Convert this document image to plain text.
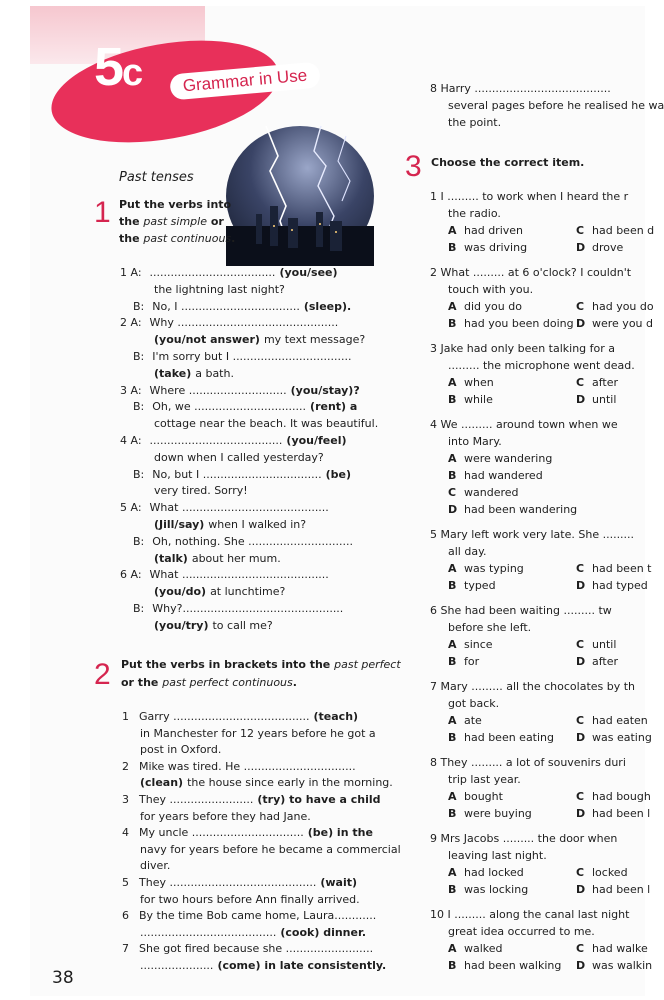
5c	Grammar in Use
Past tenses
1 Put the verbs into
the past simple or
the past continuous.
2 Put the verbs in brackets into the past perfect
or the past perfect continuous.
38
8 Harry .......................................
several pages before he realised he wa
the point.
3 Choose the correct item.
1 I ......... to work when I heard the r
the radio.
A had driven	C had been d
B was driving	D drove
2 What ......... at 6 o'clock? I couldn't
touch with you.
A did you do	C had you do
B had you been doing D were you d
3 Jake had only been talking for a
......... the microphone went dead.
A when	C after
B while	D until
4 We ......... around town when we
into Mary.
A were wandering
B had wandered
C wandered
D had been wandering
5 Mary left work very late. She .........
all day.
A was typing	C had been t
B typed	D had typed
6 She had been waiting ......... tw
before she left.
A since	C until
B for	D after
7 Mary ......... all the chocolates by th
got back.
A ate	C had eaten
B had been eating D was eating
8 They ......... a lot of souvenirs duri
trip last year.
A bought	C had bough
B were buying	D had been l
9 Mrs Jacobs ......... the door when
leaving last night.
A had locked	C locked
B was locking	D had been l
10 I ......... along the canal last night
great idea occurred to me.
A walked	C had walke
B had been walking D was walkin
1 A: .................................... (you/see)
the lightning last night?
B: No, I .................................. (sleep).
2 A: Why ..............................................
(you/not answer) my text message?
B: I'm sorry but I ..................................
(take) a bath.
3 A: Where ............................ (you/stay)?
B: Oh, we ................................ (rent) a
cottage near the beach. It was beautiful.
4 A: ...................................... (you/feel)
down when I called yesterday?
B: No, but I .................................. (be)
very tired. Sorry!
5 A: What ..........................................
(Jill/say) when I walked in?
B: Oh, nothing. She ..............................
(talk) about her mum.
6 A: What ..........................................
(you/do) at lunchtime?
B: Why?..............................................
(you/try) to call me?
1 Garry ....................................... (teach)
in Manchester for 12 years before he got a
post in Oxford.
2 Mike was tired. He ................................
(clean) the house since early in the morning.
3 They ........................ (try) to have a child
for years before they had Jane.
4 My uncle ................................ (be) in the
navy for years before he became a commercial
diver.
5 They .......................................... (wait)
for two hours before Ann finally arrived.
6 By the time Bob came home, Laura............
....................................... (cook) dinner.
7 She got fired because she .........................
..................... (come) in late consistently.
